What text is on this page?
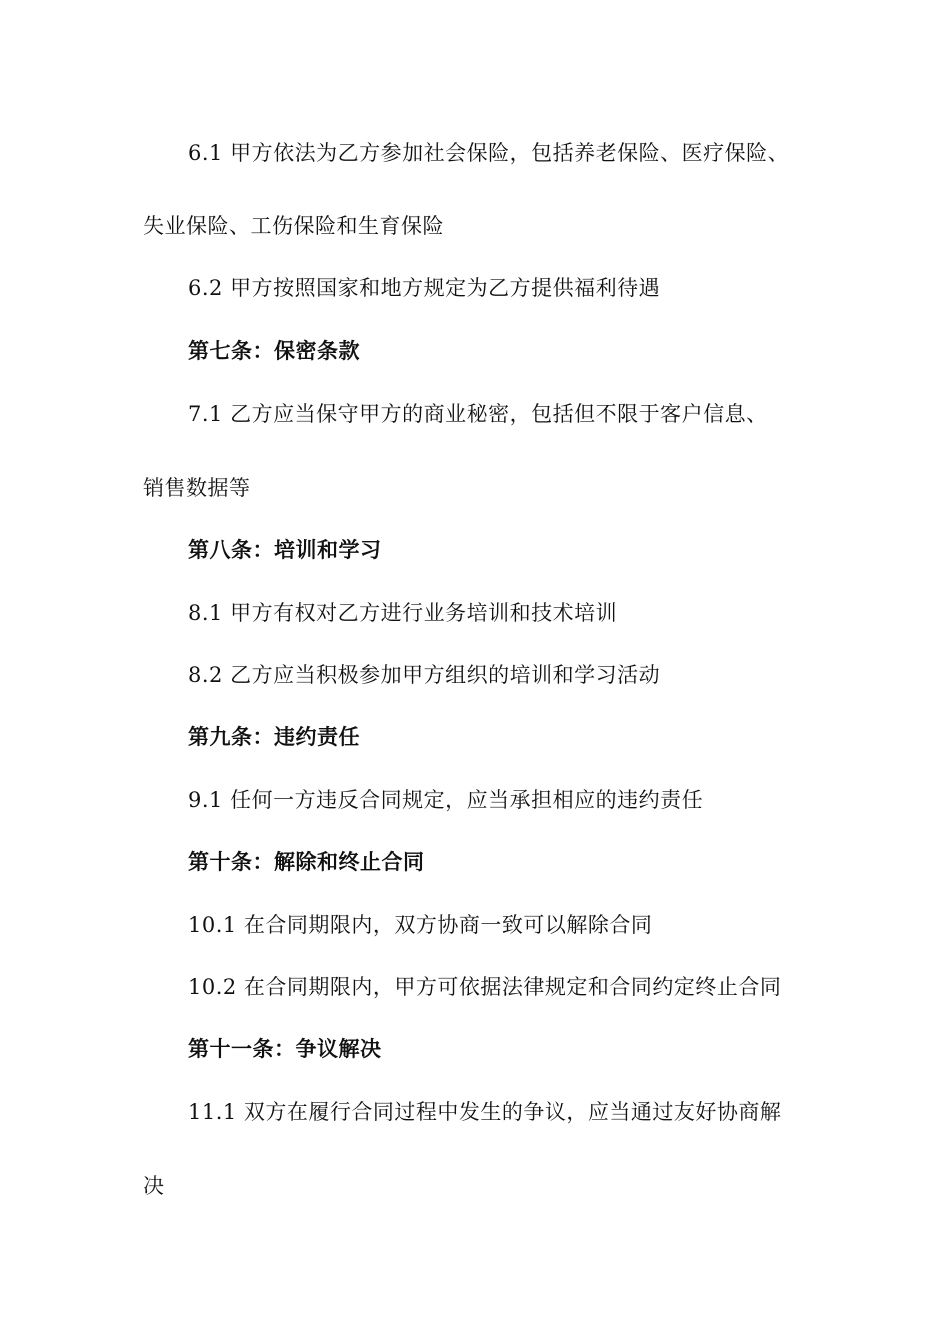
6.1 甲方依法为乙方参加社会保险，包括养老保险、医疗保险、
失业保险、工伤保险和生育保险
6.2 甲方按照国家和地方规定为乙方提供福利待遇
第七条：保密条款
7.1 乙方应当保守甲方的商业秘密，包括但不限于客户信息、
销售数据等
第八条：培训和学习
8.1 甲方有权对乙方进行业务培训和技术培训
8.2 乙方应当积极参加甲方组织的培训和学习活动
第九条：违约责任
9.1 任何一方违反合同规定，应当承担相应的违约责任
第十条：解除和终止合同
10.1 在合同期限内，双方协商一致可以解除合同
10.2 在合同期限内，甲方可依据法律规定和合同约定终止合同
第十一条：争议解决
11.1 双方在履行合同过程中发生的争议，应当通过友好协商解
决
